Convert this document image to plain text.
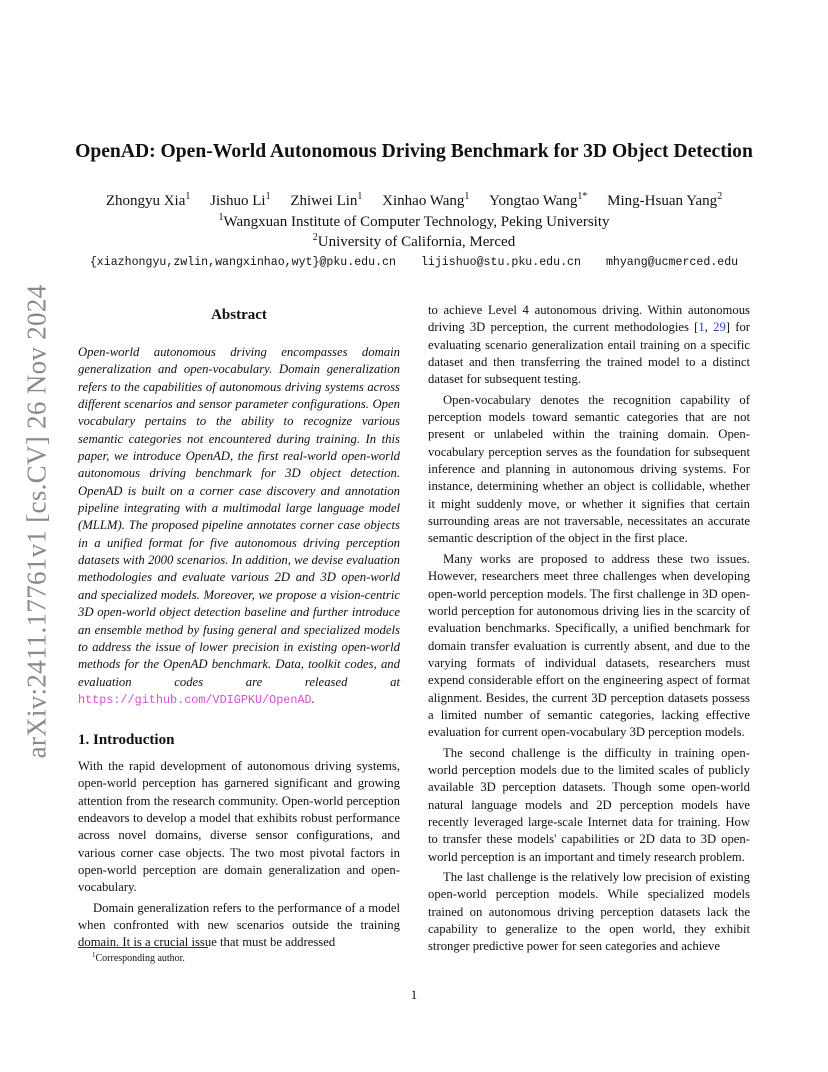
arXiv:2411.17761v1 [cs.CV] 26 Nov 2024
OpenAD: Open-World Autonomous Driving Benchmark for 3D Object Detection
Zhongyu Xia$^1$ Jishuo Li$^1$ Zhiwei Lin$^1$ Xinhao Wang$^1$ Yongtao Wang$^{1*}$ Ming-Hsuan Yang$^2$
$^1$Wangxuan Institute of Computer Technology, Peking University
$^2$University of California, Merced
{xiazhongyu,zwlin,wangxinhao,wyt}@pku.edu.cn lijishuo@stu.pku.edu.cn mhyang@ucmerced.edu
Abstract

Open-world autonomous driving encompasses domain generalization and open-vocabulary. Domain generalization refers to the capabilities of autonomous driving systems across different scenarios and sensor parameter configurations. Open vocabulary pertains to the ability to recognize various semantic categories not encountered during training. In this paper, we introduce OpenAD, the first real-world open-world autonomous driving benchmark for 3D object detection. OpenAD is built on a corner case discovery and annotation pipeline integrating with a multimodal large language model (MLLM). The proposed pipeline annotates corner case objects in a unified format for five autonomous driving perception datasets with 2000 scenarios. In addition, we devise evaluation methodologies and evaluate various 2D and 3D open-world and specialized models. Moreover, we propose a vision-centric 3D open-world object detection baseline and further introduce an ensemble method by fusing general and specialized models to address the issue of lower precision in existing open-world methods for the OpenAD benchmark. Data, toolkit codes, and evaluation codes are released at https://github.com/VDIGPKU/OpenAD.

1. Introduction

With the rapid development of autonomous driving systems, open-world perception has garnered significant and growing attention from the research community. Open-world perception endeavors to develop a model that exhibits robust performance across novel domains, diverse sensor configurations, and various corner case objects. The two most pivotal factors in open-world perception are domain generalization and open-vocabulary.

Domain generalization refers to the performance of a model when confronted with new scenarios outside the training domain. It is a crucial issue that must be addressed

to achieve Level 4 autonomous driving. Within autonomous driving 3D perception, the current methodologies [1, 29] for evaluating scenario generalization entail training on a specific dataset and then transferring the trained model to a distinct dataset for subsequent testing.

Open-vocabulary denotes the recognition capability of perception models toward semantic categories that are not present or unlabeled within the training domain. Open-vocabulary perception serves as the foundation for subsequent inference and planning in autonomous driving systems. For instance, determining whether an object is collidable, whether it might suddenly move, or whether it signifies that certain surrounding areas are not traversable, necessitates an accurate semantic description of the object in the first place.

Many works are proposed to address these two issues. However, researchers meet three challenges when developing open-world perception models. The first challenge in 3D open-world perception for autonomous driving lies in the scarcity of evaluation benchmarks. Specifically, a unified benchmark for domain transfer evaluation is currently absent, and due to the varying formats of individual datasets, researchers must expend considerable effort on the engineering aspect of format alignment. Besides, the current 3D perception datasets possess a limited number of semantic categories, lacking effective evaluation for current open-vocabulary 3D perception models.

The second challenge is the difficulty in training open-world perception models due to the limited scales of publicly available 3D perception datasets. Though some open-world natural language models and 2D perception models have recently leveraged large-scale Internet data for training. How to transfer these models' capabilities or 2D data to 3D open-world perception is an important and timely research problem.

The last challenge is the relatively low precision of existing open-world perception models. While specialized models trained on autonomous driving perception datasets lack the capability to generalize to the open world, they exhibit stronger predictive power for seen categories and achieve

$^1$Corresponding author.
1
